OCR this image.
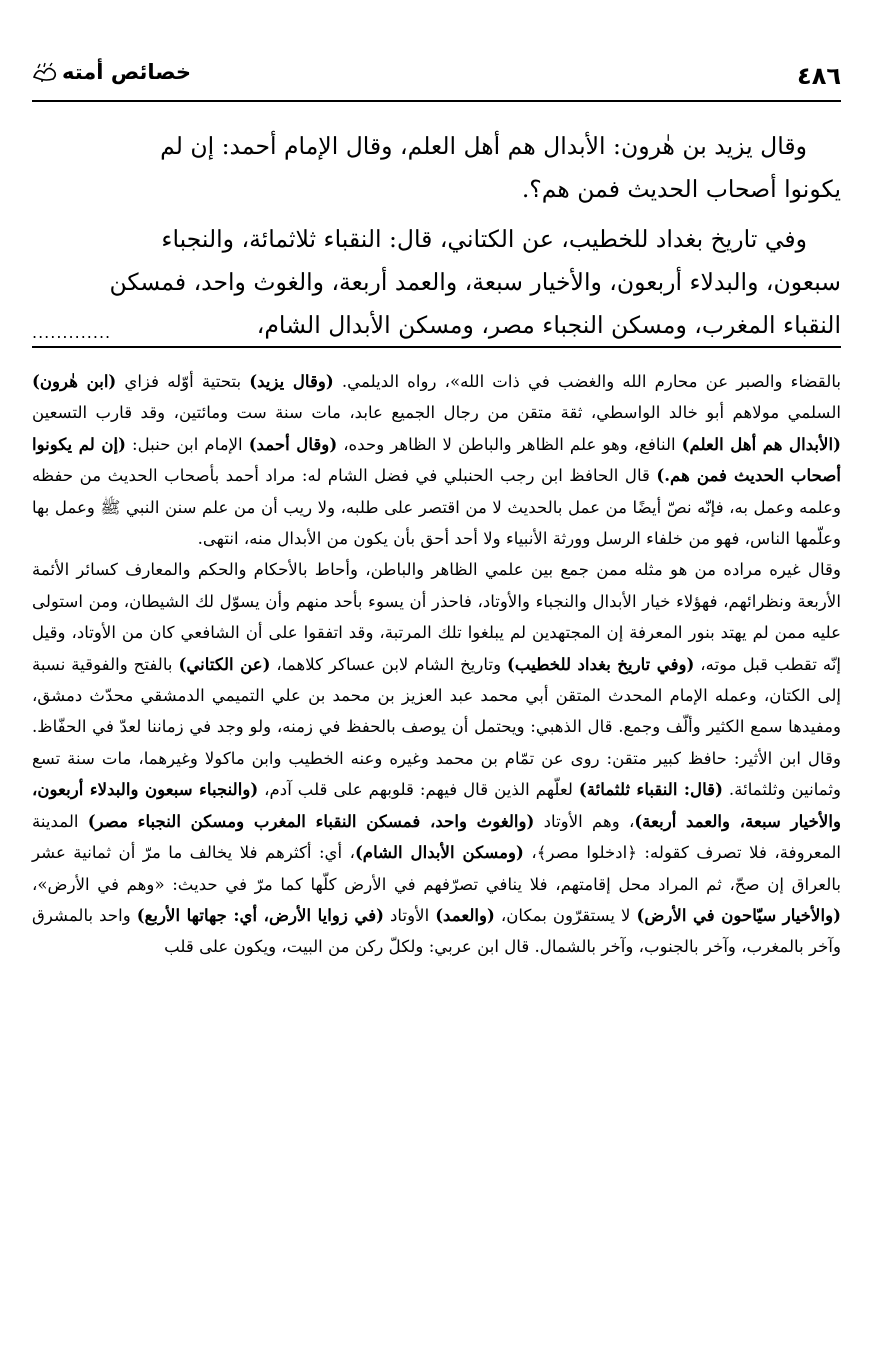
٤٨٦
خصائص أمته

وقال يزيد بن هٰرون: الأبدال هم أهل العلم، وقال الإمام أحمد: إن لم

يكونوا أصحاب الحديث فمن هم؟.

وفي تاريخ بغداد للخطيب، عن الكتاني، قال: النقباء ثلاثمائة، والنجباء

سبعون، والبدلاء أربعون، والأخيار سبعة، والعمد أربعة، والغوث واحد، فمسكن

النقباء المغرب، ومسكن النجباء مصر، ومسكن الأبدال الشام،

.............
بالقضاء والصبر عن محارم الله والغضب في ذات الله»، رواه الديلمي. (وقال يزيد) بتحتية أوّله فزاي (ابن هٰرون) السلمي مولاهم أبو خالد الواسطي، ثقة متقن من رجال الجميع عابد، مات سنة ست ومائتين، وقد قارب التسعين (الأبدال هم أهل العلم) النافع، وهو علم الظاهر والباطن لا الظاهر وحده، (وقال أحمد) الإمام ابن حنبل: (إن لم يكونوا أصحاب الحديث فمن هم.) قال الحافظ ابن رجب الحنبلي في فضل الشام له: مراد أحمد بأصحاب الحديث من حفظه وعلمه وعمل به، فإنّه نصّ أيضًا من عمل بالحديث لا من اقتصر على طلبه، ولا ريب أن من علم سنن النبي ﷺ وعمل بها وعلّمها الناس، فهو من خلفاء الرسل وورثة الأنبياء ولا أحد أحق بأن يكون من الأبدال منه، انتهى.
وقال غيره مراده من هو مثله ممن جمع بين علمي الظاهر والباطن، وأحاط بالأحكام والحكم والمعارف كسائر الأئمة الأربعة ونظرائهم، فهؤلاء خيار الأبدال والنجباء والأوتاد، فاحذر أن يسوء بأحد منهم وأن يسوّل لك الشيطان، ومن استولى عليه ممن لم يهتد بنور المعرفة إن المجتهدين لم يبلغوا تلك المرتبة، وقد اتفقوا على أن الشافعي كان من الأوتاد، وقيل إنّه تقطب قبل موته، (وفي تاريخ بغداد للخطيب) وتاريخ الشام لابن عساكر كلاهما، (عن الكتاني) بالفتح والفوقية نسبة إلى الكتان، وعمله الإمام المحدث المتقن أبي محمد عبد العزيز بن محمد بن علي التميمي الدمشقي محدّث دمشق، ومفيدها سمع الكثير وألّف وجمع. قال الذهبي: ويحتمل أن يوصف بالحفظ في زمنه، ولو وجد في زماننا لعدّ في الحفّاظ. وقال ابن الأثير: حافظ كبير متقن: روى عن تمّام بن محمد وغيره وعنه الخطيب وابن ماكولا وغيرهما، مات سنة تسع وثمانين وثلثمائة. (قال: النقباء ثلثمائة) لعلّهم الذين قال فيهم: قلوبهم على قلب آدم، (والنجباء سبعون والبدلاء أربعون، والأخيار سبعة، والعمد أربعة)، وهم الأوتاد (والغوث واحد، فمسكن النقباء المغرب ومسكن النجباء مصر) المدينة المعروفة، فلا تصرف كقوله: ﴿ادخلوا مصر﴾، (ومسكن الأبدال الشام)، أي: أكثرهم فلا يخالف ما مرّ أن ثمانية عشر بالعراق إن صحّ، ثم المراد محل إقامتهم، فلا ينافي تصرّفهم في الأرض كلّها كما مرّ في حديث: «وهم في الأرض»، (والأخيار سيّاحون في الأرض) لا يستقرّون بمكان، (والعمد) الأوتاد (في زوايا الأرض، أي: جهاتها الأربع) واحد بالمشرق وآخر بالمغرب، وآخر بالجنوب، وآخر بالشمال. قال ابن عربي: ولكلّ ركن من البيت، ويكون على قلب
